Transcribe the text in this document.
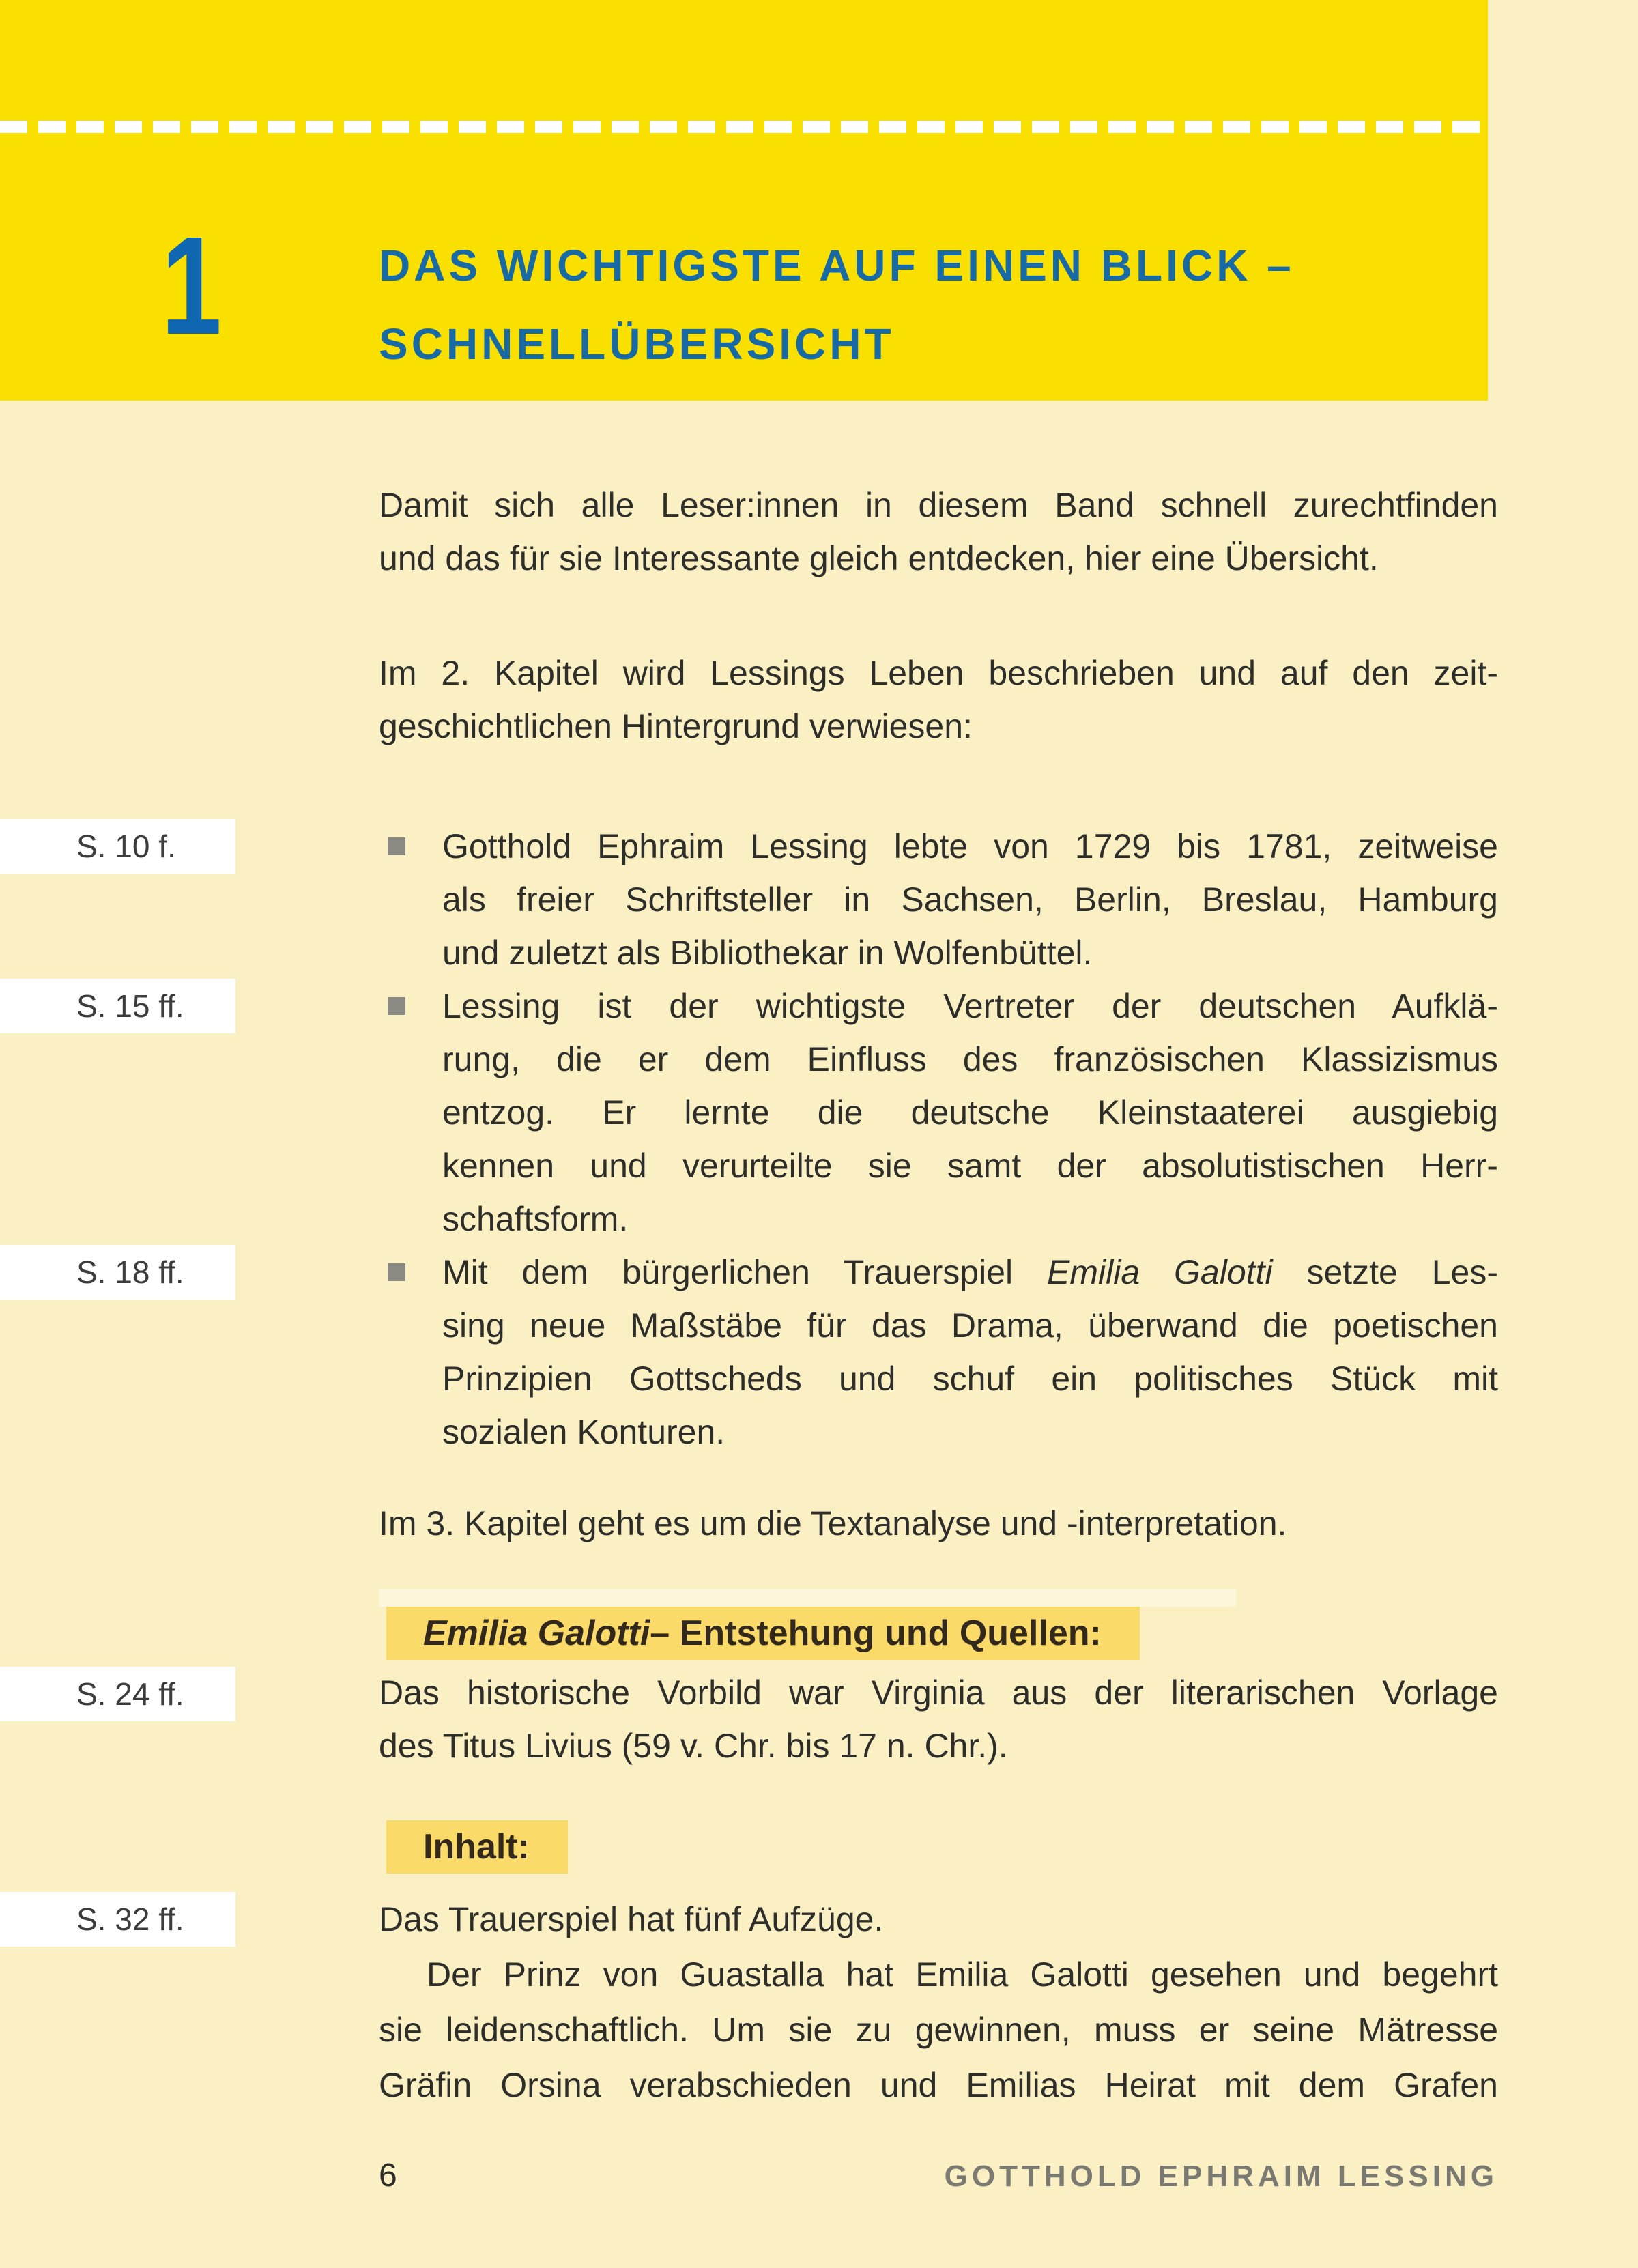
1	DAS WICHTIGSTE AUF EINEN BLICK –
SCHNELLÜBERSICHT
Damit sich alle Leser:innen in diesem Band schnell zurechtfinden
und das für sie Interessante gleich entdecken, hier eine Übersicht.
Im 2. Kapitel wird Lessings Leben beschrieben und auf den zeit-
geschichtlichen Hintergrund verwiesen:
S. 10 f.
S. 15 ff.
S. 18 ff.
S. 24 ff.
S. 32 ff.
Gotthold Ephraim Lessing lebte von 1729 bis 1781, zeitweise
als freier Schriftsteller in Sachsen, Berlin, Breslau, Hamburg
und zuletzt als Bibliothekar in Wolfenbüttel.
Lessing ist der wichtigste Vertreter der deutschen Aufklä-
rung, die er dem Einfluss des französischen Klassizismus
entzog. Er lernte die deutsche Kleinstaaterei ausgiebig
kennen und verurteilte sie samt der absolutistischen Herr-
schaftsform.
Mit dem bürgerlichen Trauerspiel Emilia Galotti setzte Les-
sing neue Maßstäbe für das Drama, überwand die poetischen
Prinzipien Gottscheds und schuf ein politisches Stück mit
sozialen Konturen.
Im 3. Kapitel geht es um die Textanalyse und -interpretation.
Emilia Galotti – Entstehung und Quellen:
Das historische Vorbild war Virginia aus der literarischen Vorlage
des Titus Livius (59 v. Chr. bis 17 n. Chr.).
Inhalt:
Das Trauerspiel hat fünf Aufzüge.
Der Prinz von Guastalla hat Emilia Galotti gesehen und begehrt
sie leidenschaftlich. Um sie zu gewinnen, muss er seine Mätresse
Gräfin Orsina verabschieden und Emilias Heirat mit dem Grafen
6	GOTTHOLD EPHRAIM LESSING
